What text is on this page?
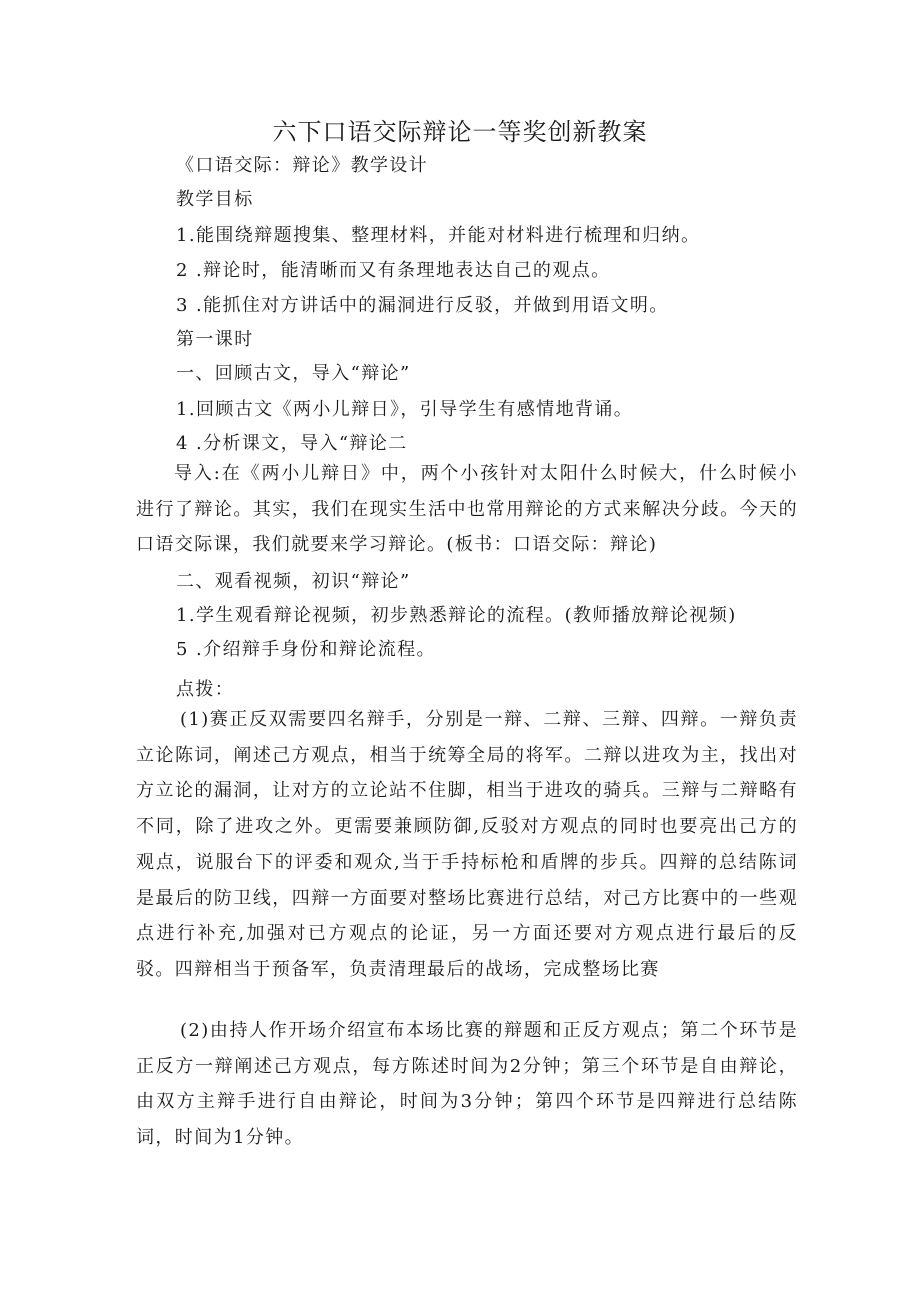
六下口语交际辩论一等奖创新教案
《口语交际：辩论》教学设计
教学目标
1.能围绕辩题搜集、整理材料，并能对材料进行梳理和归纳。
2 .辩论时，能清晰而又有条理地表达自己的观点。
3 .能抓住对方讲话中的漏洞进行反驳，并做到用语文明。
第一课时
一、回顾古文，导入“辩论”
1.回顾古文《两小儿辩日》，引导学生有感情地背诵。
4 .分析课文，导入“辩论二

导入:在《两小儿辩日》中，两个小孩针对太阳什么时候大，什么时候小进行了辩论。其实，我们在现实生活中也常用辩论的方式来解决分歧。今天的口语交际课，我们就要来学习辩论。(板书：口语交际：辩论)

二、观看视频，初识“辩论”
1.学生观看辩论视频，初步熟悉辩论的流程。(教师播放辩论视频)
5 .介绍辩手身份和辩论流程。
点拨：

(1)赛正反双需要四名辩手，分别是一辩、二辩、三辩、四辩。一辩负责立论陈词，阐述己方观点，相当于统筹全局的将军。二辩以进攻为主，找出对方立论的漏洞，让对方的立论站不住脚，相当于进攻的骑兵。三辩与二辩略有不同，除了进攻之外。更需要兼顾防御,反驳对方观点的同时也要亮出己方的观点，说服台下的评委和观众,当于手持标枪和盾牌的步兵。四辩的总结陈词是最后的防卫线，四辩一方面要对整场比赛进行总结，对己方比赛中的一些观点进行补充,加强对已方观点的论证，另一方面还要对方观点进行最后的反驳。四辩相当于预备军，负责清理最后的战场，完成整场比赛

(2)由持人作开场介绍宣布本场比赛的辩题和正反方观点；第二个环节是正反方一辩阐述己方观点，每方陈述时间为2分钟；第三个环节是自由辩论，由双方主辩手进行自由辩论，时间为3分钟；第四个环节是四辩进行总结陈词，时间为1分钟。
